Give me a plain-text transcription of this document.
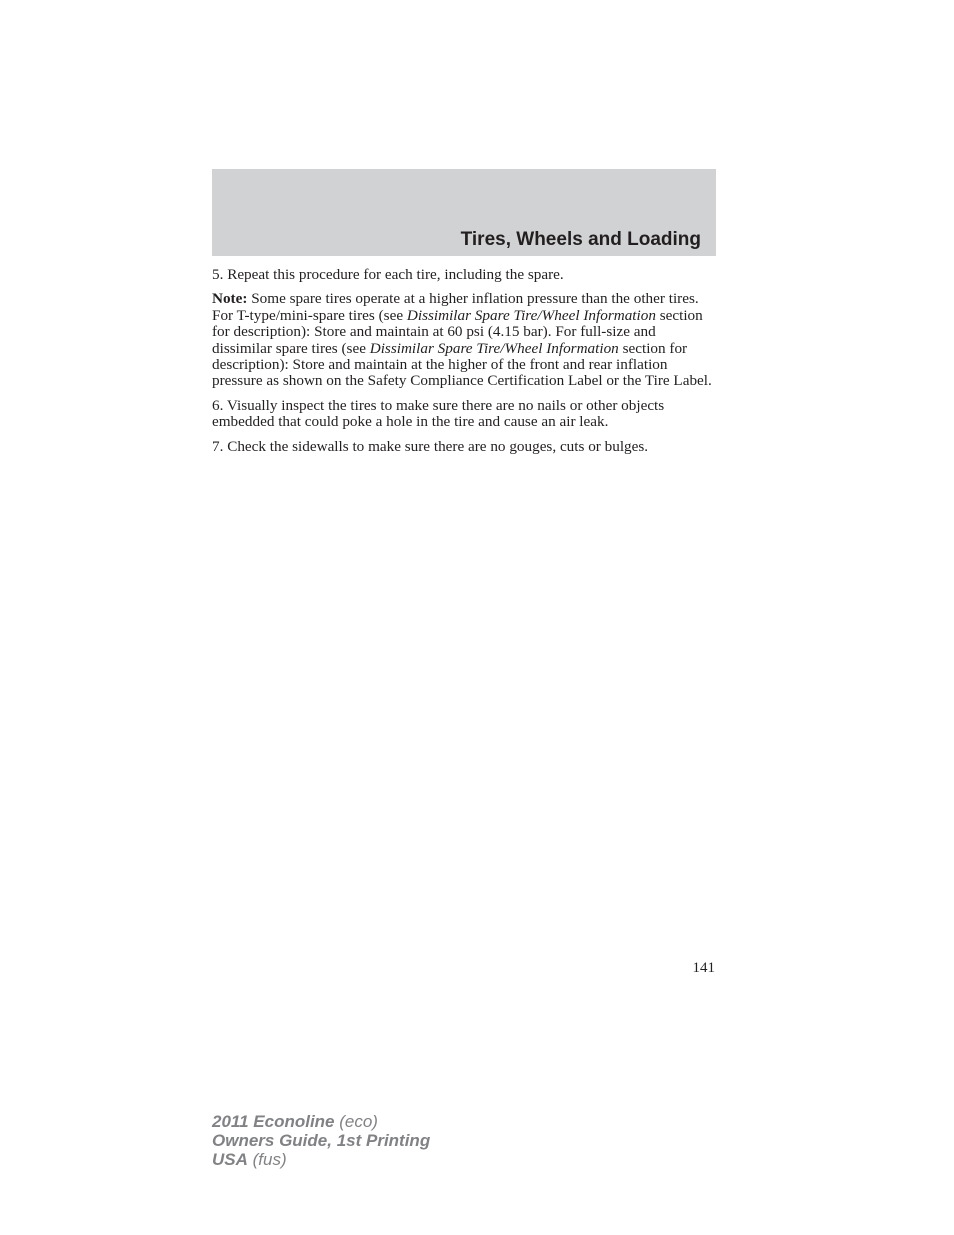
Tires, Wheels and Loading

5. Repeat this procedure for each tire, including the spare.

Note: Some spare tires operate at a higher inflation pressure than the other tires. For T-type/mini-spare tires (see Dissimilar Spare Tire/Wheel Information section for description): Store and maintain at 60 psi (4.15 bar). For full-size and dissimilar spare tires (see Dissimilar Spare Tire/Wheel Information section for description): Store and maintain at the higher of the front and rear inflation pressure as shown on the Safety Compliance Certification Label or the Tire Label.

6. Visually inspect the tires to make sure there are no nails or other objects embedded that could poke a hole in the tire and cause an air leak.

7. Check the sidewalls to make sure there are no gouges, cuts or bulges.

141
2011 Econoline (eco)
Owners Guide, 1st Printing
USA (fus)
